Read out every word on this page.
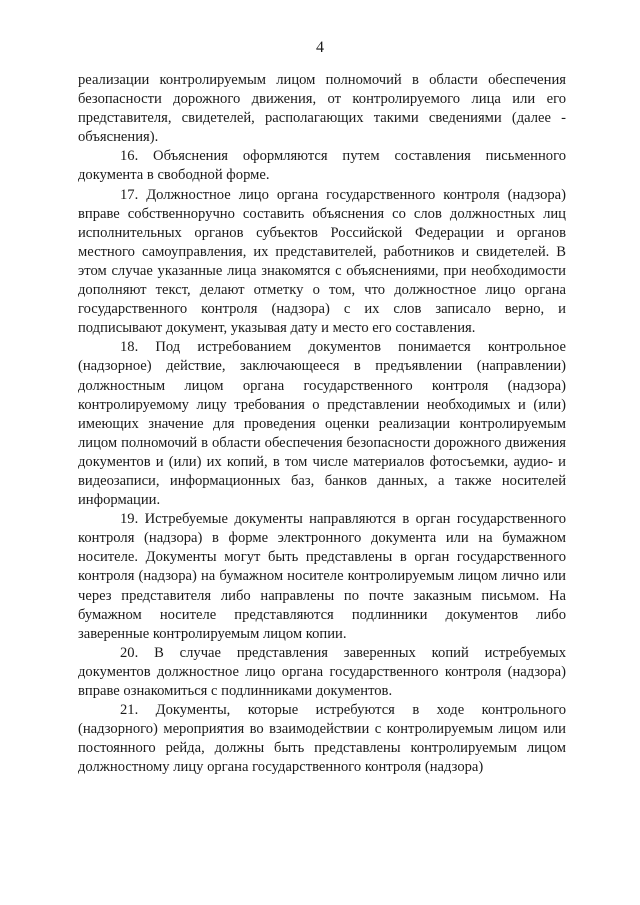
4

реализации контролируемым лицом полномочий в области обеспечения безопасности дорожного движения, от контролируемого лица или его представителя, свидетелей, располагающих такими сведениями (далее - объяснения).

16. Объяснения оформляются путем составления письменного документа в свободной форме.

17. Должностное лицо органа государственного контроля (надзора) вправе собственноручно составить объяснения со слов должностных лиц исполнительных органов субъектов Российской Федерации и органов местного самоуправления, их представителей, работников и свидетелей. В этом случае указанные лица знакомятся с объяснениями, при необходимости дополняют текст, делают отметку о том, что должностное лицо органа государственного контроля (надзора) с их слов записало верно, и подписывают документ, указывая дату и место его составления.

18. Под истребованием документов понимается контрольное (надзорное) действие, заключающееся в предъявлении (направлении) должностным лицом органа государственного контроля (надзора) контролируемому лицу требования о представлении необходимых и (или) имеющих значение для проведения оценки реализации контролируемым лицом полномочий в области обеспечения безопасности дорожного движения документов и (или) их копий, в том числе материалов фотосъемки, аудио- и видеозаписи, информационных баз, банков данных, а также носителей информации.

19. Истребуемые документы направляются в орган государственного контроля (надзора) в форме электронного документа или на бумажном носителе. Документы могут быть представлены в орган государственного контроля (надзора) на бумажном носителе контролируемым лицом лично или через представителя либо направлены по почте заказным письмом. На бумажном носителе представляются подлинники документов либо заверенные контролируемым лицом копии.

20. В случае представления заверенных копий истребуемых документов должностное лицо органа государственного контроля (надзора) вправе ознакомиться с подлинниками документов.

21. Документы, которые истребуются в ходе контрольного (надзорного) мероприятия во взаимодействии с контролируемым лицом или постоянного рейда, должны быть представлены контролируемым лицом должностному лицу органа государственного контроля (надзора)
